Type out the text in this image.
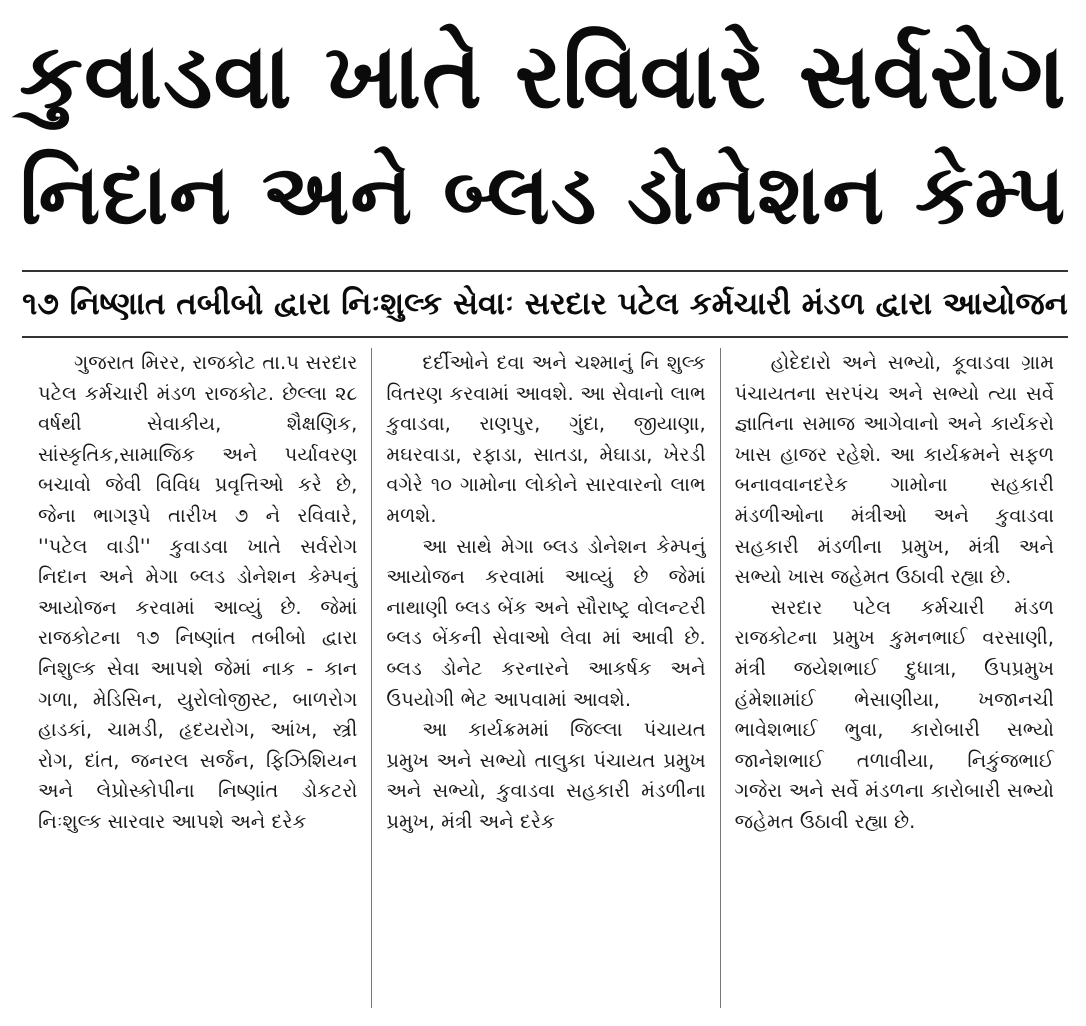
કુવાડવા ખાતે રવિવારે સર્વરોગ
નિદાન અને બ્લડ ડોનેશન કેમ્પ
૧૭ નિષ્ણાત તબીબો દ્વારા નિઃશુલ્ક સેવાઃ સરદાર પટેલ કર્મચારી મંડળ દ્વારા આયોજન

ગુજરાત મિરર, રાજકોટ તા.૫ સરદાર પટેલ કર્મચારી મંડળ રાજકોટ. છેલ્લા ૨૮ વર્ષથી સેવાકીય, શૈક્ષણિક, સાંસ્કૃતિક,સામાજિક અને પર્યાવરણ બચાવો જેવી વિવિધ પ્રવૃત્તિઓ કરે છે, જેના ભાગરૂપે તારીખ ૭ ને રવિવારે, ''પટેલ વાડી'' કુવાડવા ખાતે સર્વરોગ નિદાન અને મેગા બ્લડ ડોનેશન કેમ્પનું આયોજન કરવામાં આવ્યું છે. જેમાં રાજકોટના ૧૭ નિષ્ણાંત તબીબો દ્વારા નિશુલ્ક સેવા આપશે જેમાં નાક - કાન ગળા, મેડિસિન, યુરોલોજીસ્ટ, બાળરોગ હાડકાં, ચામડી, હૃદયરોગ, આંખ, સ્ત્રી રોગ, દાંત, જનરલ સર્જન, ફિઝિશિયન અને લેપ્રોસ્કોપીના નિષ્ણાંત ડોકટરો નિઃશુલ્ક સારવાર આપશે અને દરેક

દર્દીઓને દવા અને ચશ્માનું નિ શુલ્ક વિતરણ કરવામાં આવશે. આ સેવાનો લાભ કુવાડવા, રાણપુર, ગુંદા, જીયાણા, મઘરવાડા, રફાડા, સાતડા, મેઘાડા, ખેરડી વગેરે ૧૦ ગામોના લોકોને સારવારનો લાભ મળશે.

આ સાથે મેગા બ્લડ ડોનેશન કેમ્પનું આયોજન કરવામાં આવ્યું છે જેમાં નાથાણી બ્લડ બેંક અને સૌરાષ્ટ્ર વોલન્ટરી બ્લડ બેંકની સેવાઓ લેવા માં આવી છે. બ્લડ ડોનેટ કરનારને આકર્ષક અને ઉપયોગી ભેટ આપવામાં આવશે.

આ કાર્યક્રમમાં જિલ્લા પંચાયત પ્રમુખ અને સભ્યો તાલુકા પંચાયત પ્રમુખ અને સભ્યો, કુવાડવા સહકારી મંડળીના પ્રમુખ, મંત્રી અને દરેક

હોદેદારો અને સભ્યો, કૂવાડવા ગ્રામ પંચાયતના સરપંચ અને સભ્યો ત્યા સર્વે જ્ઞાતિના સમાજ આગેવાનો અને કાર્યકરો ખાસ હાજર રહેશે. આ કાર્યક્રમને સફળ બનાવવાનદરેક ગામોના સહકારી મંડળીઓના મંત્રીઓ અને કુવાડવા સહકારી મંડળીના પ્રમુખ, મંત્રી અને સભ્યો ખાસ જહેમત ઉઠાવી રહ્યા છે.

સરદાર પટેલ કર્મચારી મંડળ રાજકોટના પ્રમુખ કુમનભાઈ વરસાણી, મંત્રી જયેશભાઈ દુધાત્રા, ઉપપ્રમુખ હંમેશામાંઈ ભેસાણીયા, ખજાનચી ભાવેશભાઈ ભુવા, કારોબારી સભ્યો જાનેશભાઈ તળાવીયા, નિકુંજભાઈ ગજેરા અને સર્વે મંડળના કારોબારી સભ્યો જહેમત ઉઠાવી રહ્યા છે.
